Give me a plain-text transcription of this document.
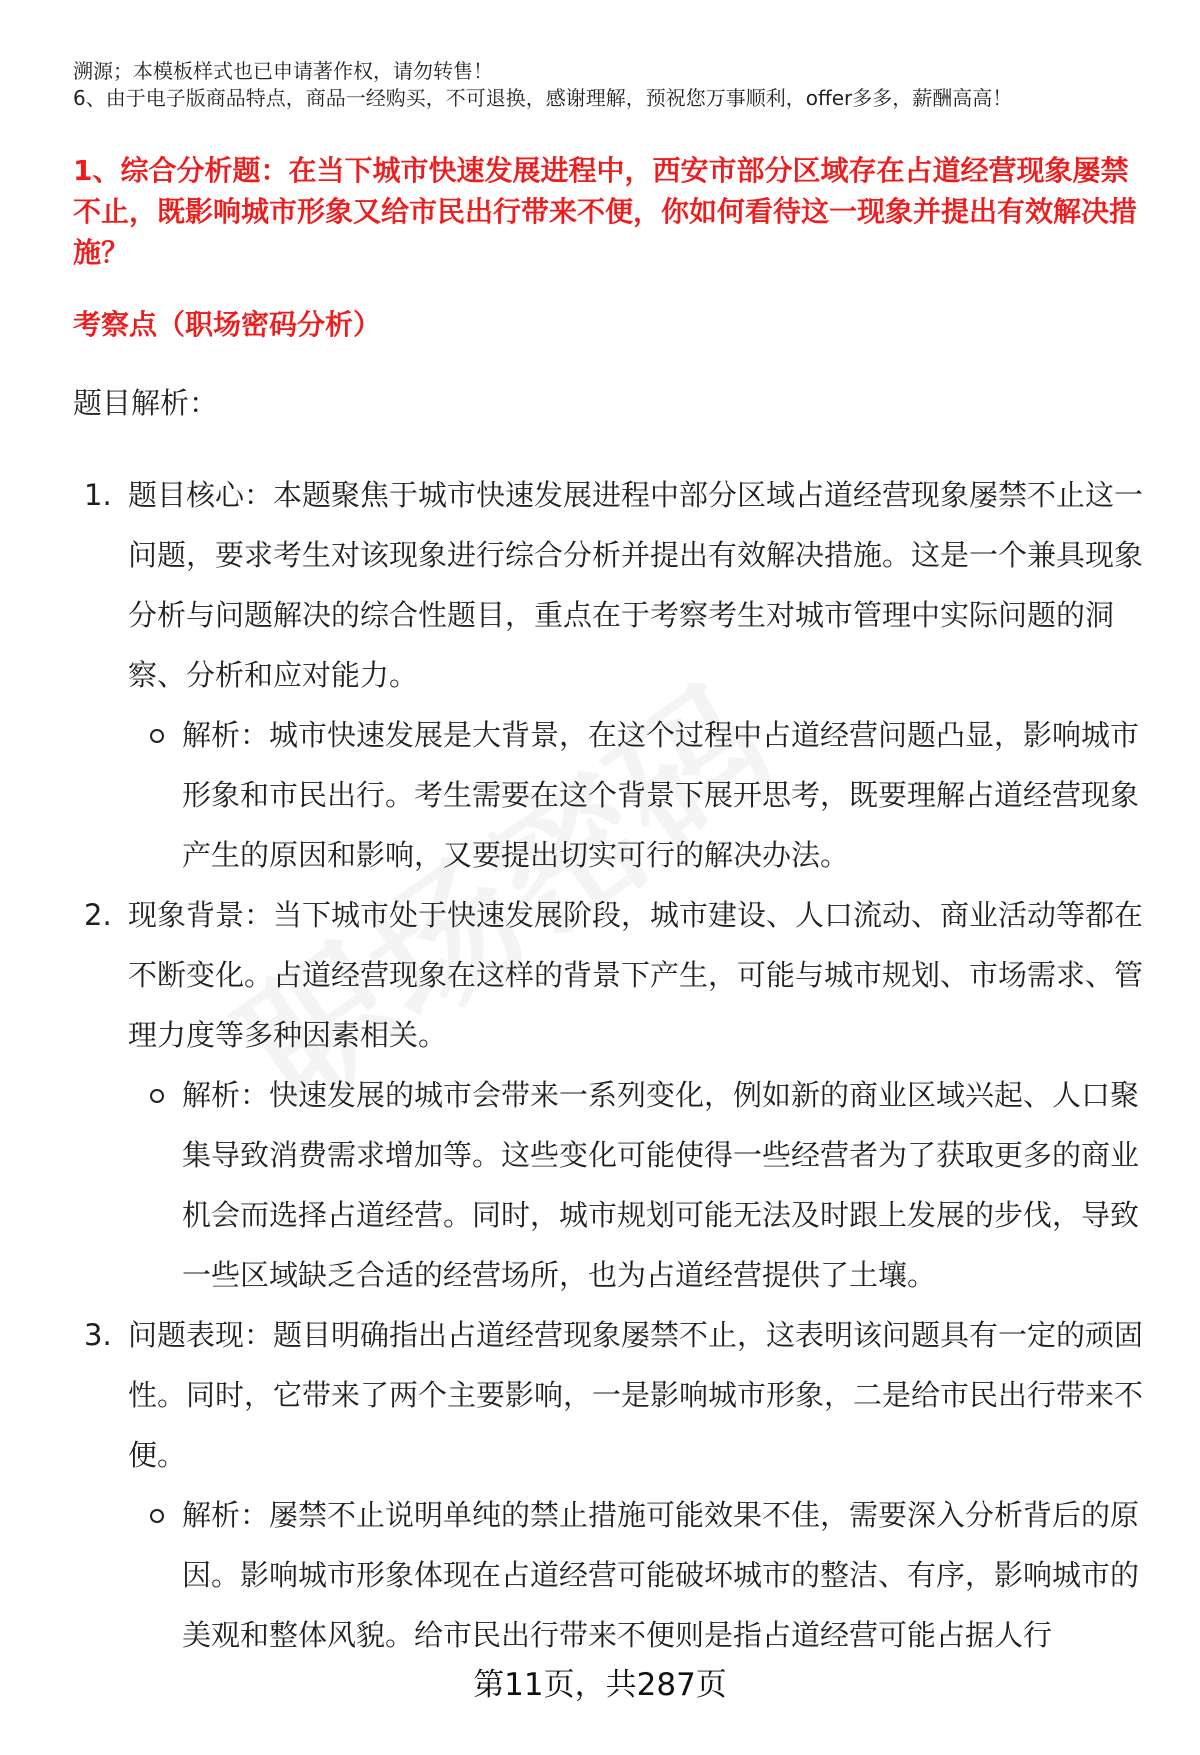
溯源；本模板样式也已申请著作权，请勿转售！
6、由于电子版商品特点，商品一经购买，不可退换，感谢理解，预祝您万事顺利，offer多多，薪酬高高！
1、综合分析题：在当下城市快速发展进程中，西安市部分区域存在占道经营现象屡禁不止，既影响城市形象又给市民出行带来不便，你如何看待这一现象并提出有效解决措施？
考察点（职场密码分析）
题目解析：
1. 题目核心：本题聚焦于城市快速发展进程中部分区域占道经营现象屡禁不止这一问题，要求考生对该现象进行综合分析并提出有效解决措施。这是一个兼具现象分析与问题解决的综合性题目，重点在于考察考生对城市管理中实际问题的洞察、分析和应对能力。
解析：城市快速发展是大背景，在这个过程中占道经营问题凸显，影响城市形象和市民出行。考生需要在这个背景下展开思考，既要理解占道经营现象产生的原因和影响，又要提出切实可行的解决办法。
2. 现象背景：当下城市处于快速发展阶段，城市建设、人口流动、商业活动等都在不断变化。占道经营现象在这样的背景下产生，可能与城市规划、市场需求、管理力度等多种因素相关。
解析：快速发展的城市会带来一系列变化，例如新的商业区域兴起、人口聚集导致消费需求增加等。这些变化可能使得一些经营者为了获取更多的商业机会而选择占道经营。同时，城市规划可能无法及时跟上发展的步伐，导致一些区域缺乏合适的经营场所，也为占道经营提供了土壤。
3. 问题表现：题目明确指出占道经营现象屡禁不止，这表明该问题具有一定的顽固性。同时，它带来了两个主要影响，一是影响城市形象，二是给市民出行带来不便。
解析：屡禁不止说明单纯的禁止措施可能效果不佳，需要深入分析背后的原因。影响城市形象体现在占道经营可能破坏城市的整洁、有序，影响城市的美观和整体风貌。给市民出行带来不便则是指占道经营可能占据人行
第11页，共287页
